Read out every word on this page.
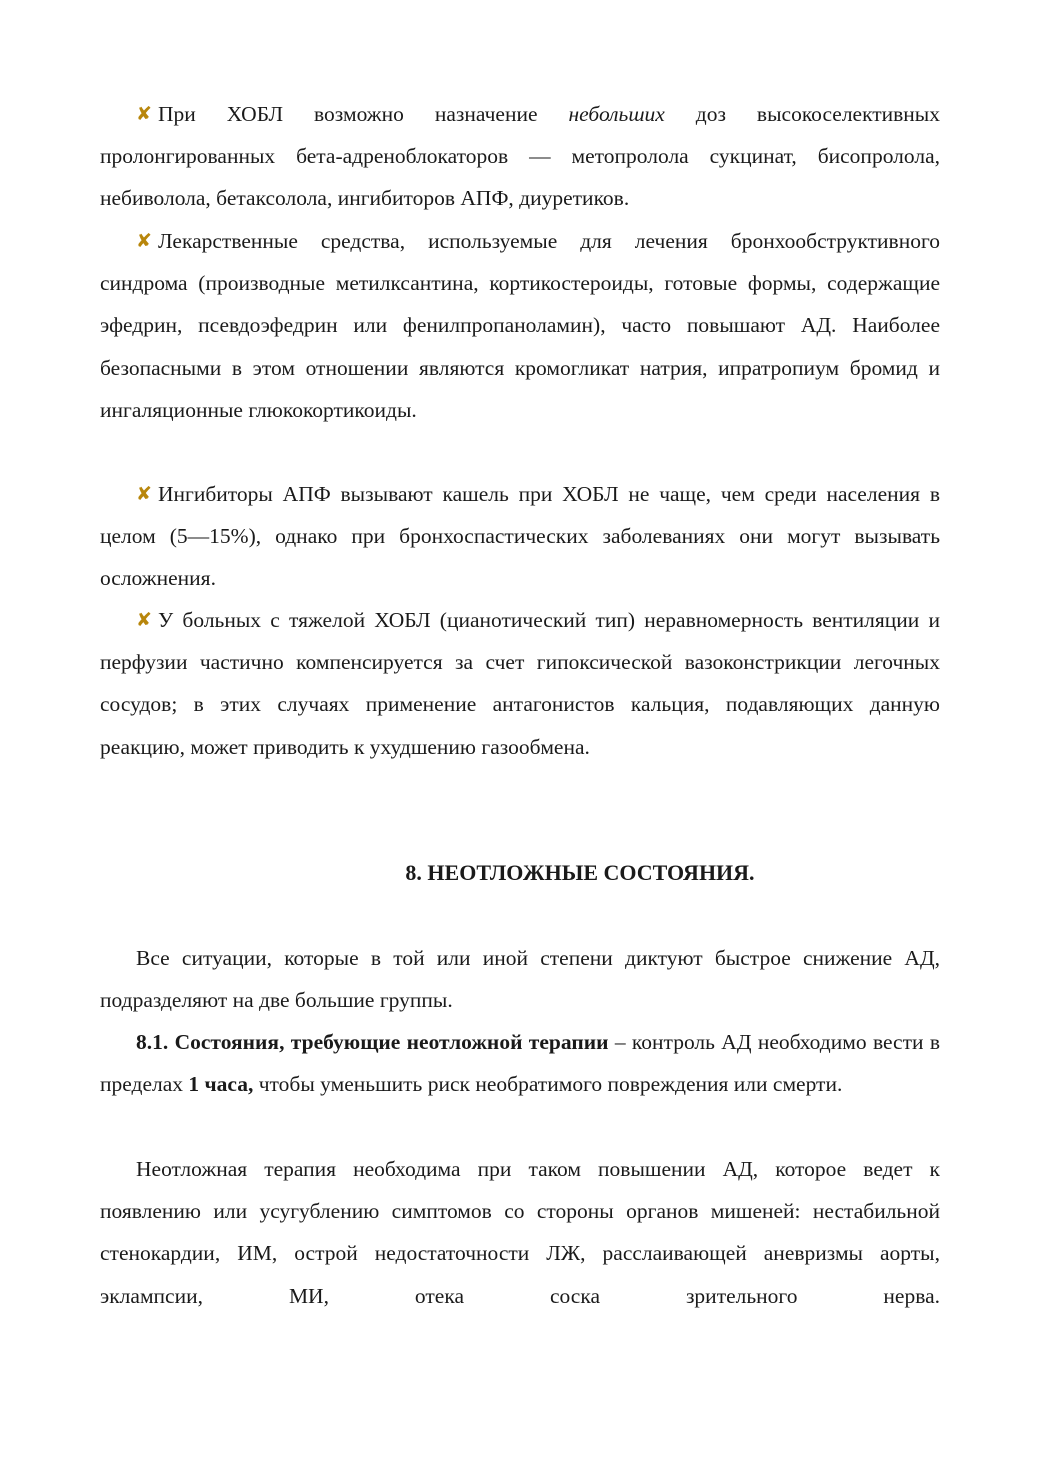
✘ При ХОБЛ возможно назначение небольших доз высокоселективных пролонгированных бета-адреноблокаторов — метопролола сукцинат, бисопролола, небиволола, бетаксолола, ингибиторов АПФ, диуретиков.
✘ Лекарственные средства, используемые для лечения бронхообструктивного синдрома (производные метилксантина, кортикостероиды, готовые формы, содержащие эфедрин, псевдоэфедрин или фенилпропаноламин), часто повышают АД. Наиболее безопасными в этом отношении являются кромогликат натрия, ипратропиум бромид и ингаляционные глюкокортикоиды.
✘ Ингибиторы АПФ вызывают кашель при ХОБЛ не чаще, чем среди населения в целом (5—15%), однако при бронхоспастических заболеваниях они могут вызывать осложнения.
✘ У больных с тяжелой ХОБЛ (цианотический тип) неравномерность вентиляции и перфузии частично компенсируется за счет гипоксической вазоконстрикции легочных сосудов; в этих случаях применение антагонистов кальция, подавляющих данную реакцию, может приводить к ухудшению газообмена.
8. НЕОТЛОЖНЫЕ СОСТОЯНИЯ.
Все ситуации, которые в той или иной степени диктуют быстрое снижение АД, подразделяют на две большие группы.
8.1. Состояния, требующие неотложной терапии – контроль АД необходимо вести в пределах 1 часа, чтобы уменьшить риск необратимого повреждения или смерти.
Неотложная терапия необходима при таком повышении АД, которое ведет к появлению или усугублению симптомов со стороны органов мишеней: нестабильной стенокардии, ИМ, острой недостаточности ЛЖ, расслаивающей аневризмы аорты, эклампсии, МИ, отека соска зрительного нерва.
